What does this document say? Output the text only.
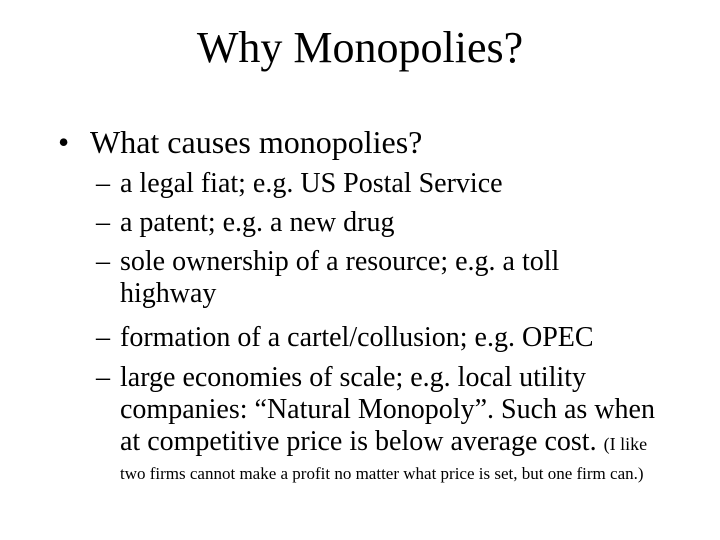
Why Monopolies?
• What causes monopolies?
– a legal fiat; e.g. US Postal Service
– a patent; e.g. a new drug
– sole ownership of a resource; e.g. a toll highway
– formation of a cartel/collusion; e.g. OPEC
– large economies of scale; e.g. local utility companies: “Natural Monopoly”. Such as when at competitive price is below average cost. (I like
two firms cannot make a profit no matter what price is set, but one firm can.)
